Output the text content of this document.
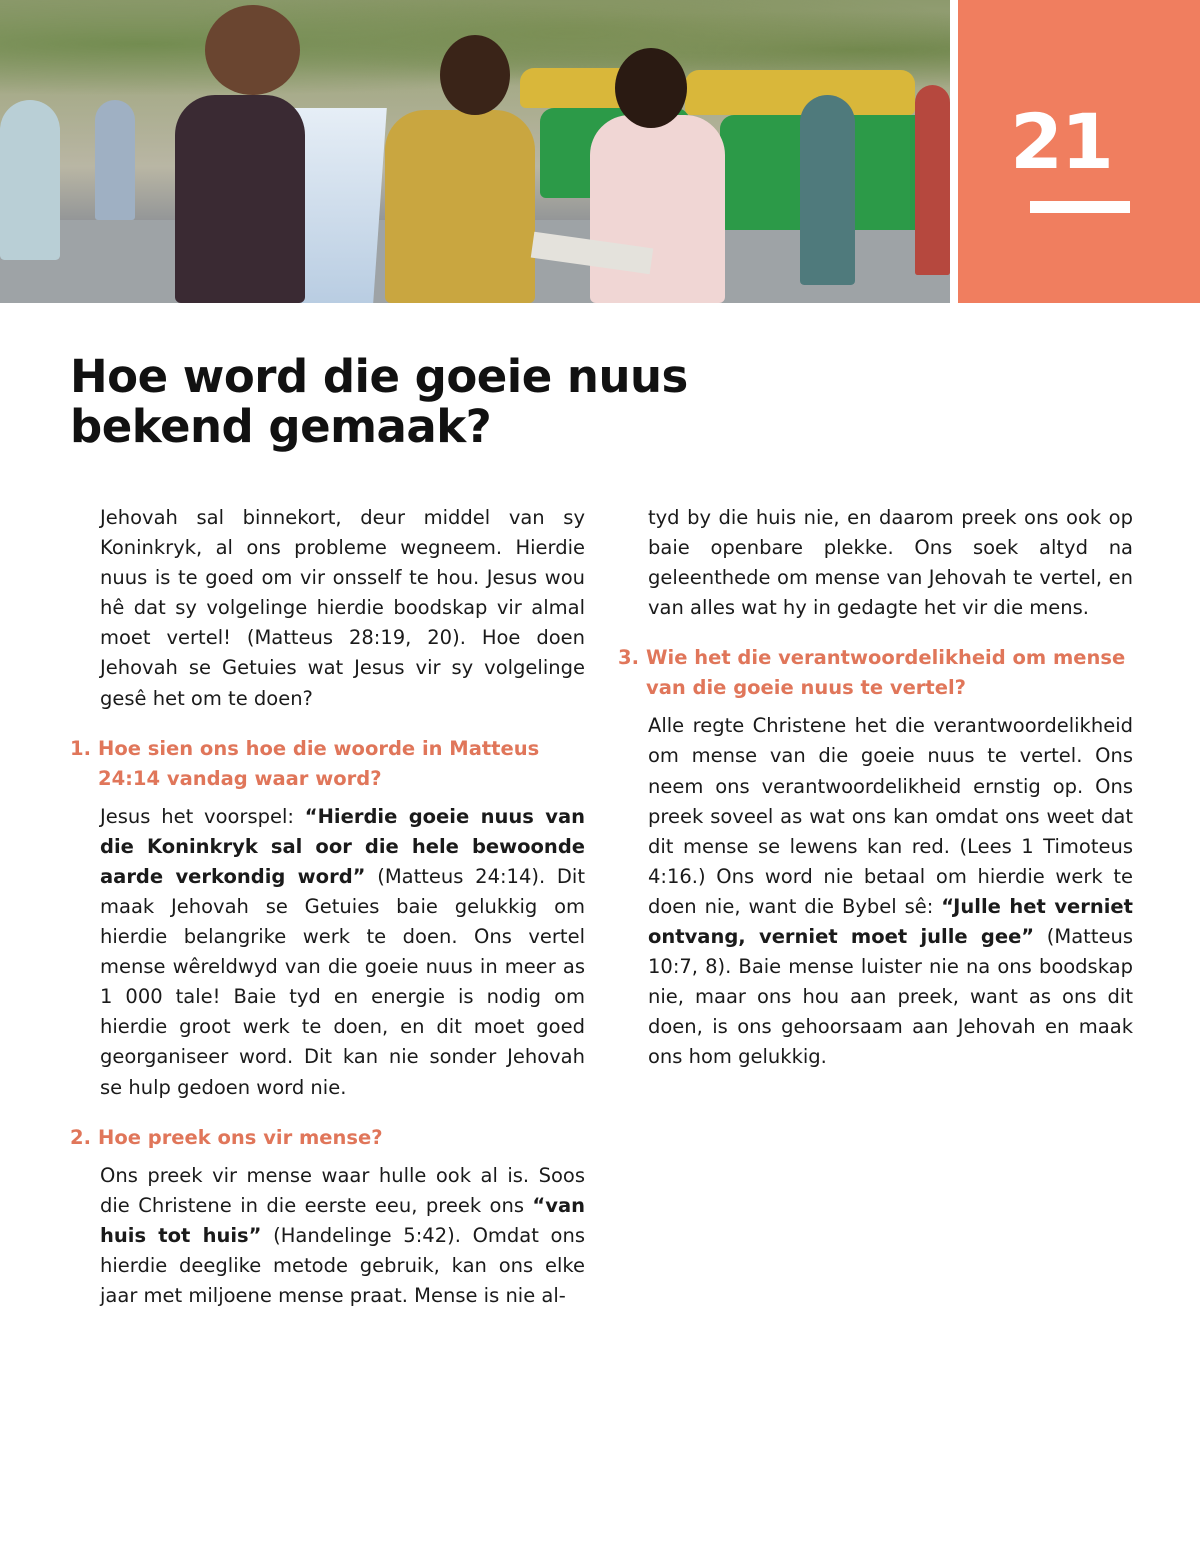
21
Hoe word die goeie nuus
bekend gemaak?

Jehovah sal binnekort, deur middel van sy Koninkryk, al ons probleme wegneem. Hierdie nuus is te goed om vir onsself te hou. Jesus wou hê dat sy volgelinge hierdie boodskap vir almal moet vertel! (Matteus 28:19, 20). Hoe doen Jehovah se Getuies wat Jesus vir sy volgelinge gesê het om te doen?

1. Hoe sien ons hoe die woorde in Matteus 24:14 vandag waar word?

Jesus het voorspel: “Hierdie goeie nuus van die Koninkryk sal oor die hele bewoonde aarde verkondig word” (Matteus 24:14). Dit maak Jehovah se Getuies baie gelukkig om hierdie belangrike werk te doen. Ons vertel mense wêreldwyd van die goeie nuus in meer as 1 000 tale! Baie tyd en energie is nodig om hierdie groot werk te doen, en dit moet goed georganiseer word. Dit kan nie sonder Jehovah se hulp gedoen word nie.

2. Hoe preek ons vir mense?

Ons preek vir mense waar hulle ook al is. Soos die Christene in die eerste eeu, preek ons “van huis tot huis” (Handelinge 5:42). Omdat ons hierdie deeglike metode gebruik, kan ons elke jaar met miljoene mense praat. Mense is nie al-

tyd by die huis nie, en daarom preek ons ook op baie openbare plekke. Ons soek altyd na geleenthede om mense van Jehovah te vertel, en van alles wat hy in gedagte het vir die mens.

3. Wie het die verantwoordelikheid om mense van die goeie nuus te vertel?

Alle regte Christene het die verantwoordelikheid om mense van die goeie nuus te vertel. Ons neem ons verantwoordelikheid ernstig op. Ons preek soveel as wat ons kan omdat ons weet dat dit mense se lewens kan red. (Lees 1 Timoteus 4:16.) Ons word nie betaal om hierdie werk te doen nie, want die Bybel sê: “Julle het verniet ontvang, verniet moet julle gee” (Matteus 10:7, 8). Baie mense luister nie na ons boodskap nie, maar ons hou aan preek, want as ons dit doen, is ons gehoorsaam aan Jehovah en maak ons hom gelukkig.
